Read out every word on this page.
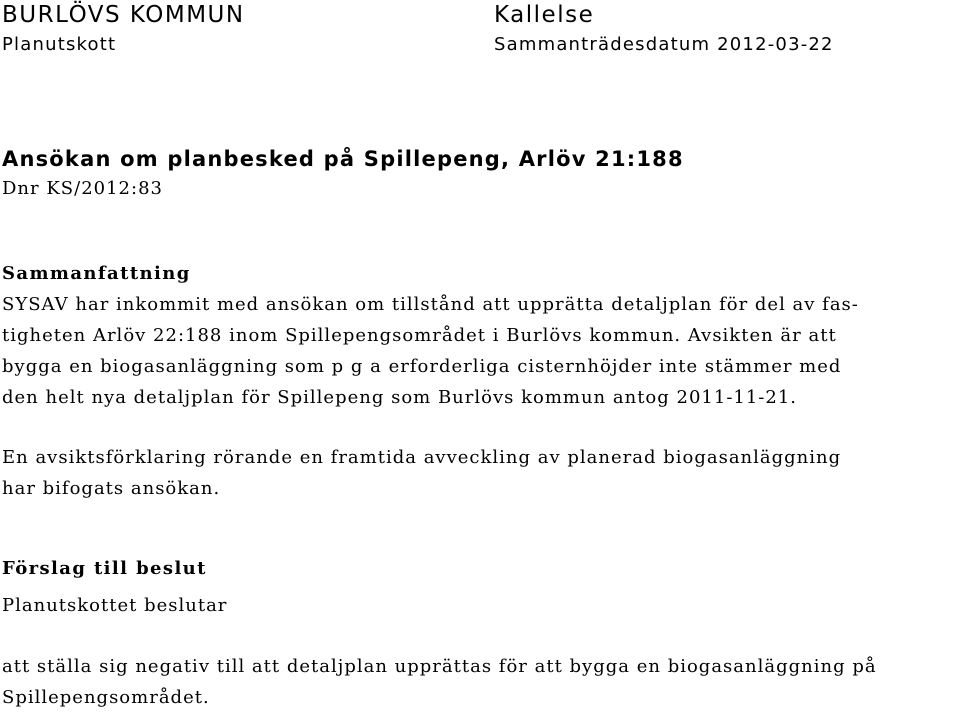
BURLÖVS KOMMUN
Planutskott
Kallelse
Sammanträdesdatum 2012-03-22
Ansökan om planbesked på Spillepeng, Arlöv 21:188
Dnr KS/2012:83
Sammanfattning
SYSAV har inkommit med ansökan om tillstånd att upprätta detaljplan för del av fas-
tigheten Arlöv 22:188 inom Spillepengsområdet i Burlövs kommun. Avsikten är att
bygga en biogasanläggning som p g a erforderliga cisternhöjder inte stämmer med
den helt nya detaljplan för Spillepeng som Burlövs kommun antog 2011-11-21.
En avsiktsförklaring rörande en framtida avveckling av planerad biogasanläggning
har bifogats ansökan.
Förslag till beslut
Planutskottet beslutar
att ställa sig negativ till att detaljplan upprättas för att bygga en biogasanläggning på
Spillepengsområdet.
